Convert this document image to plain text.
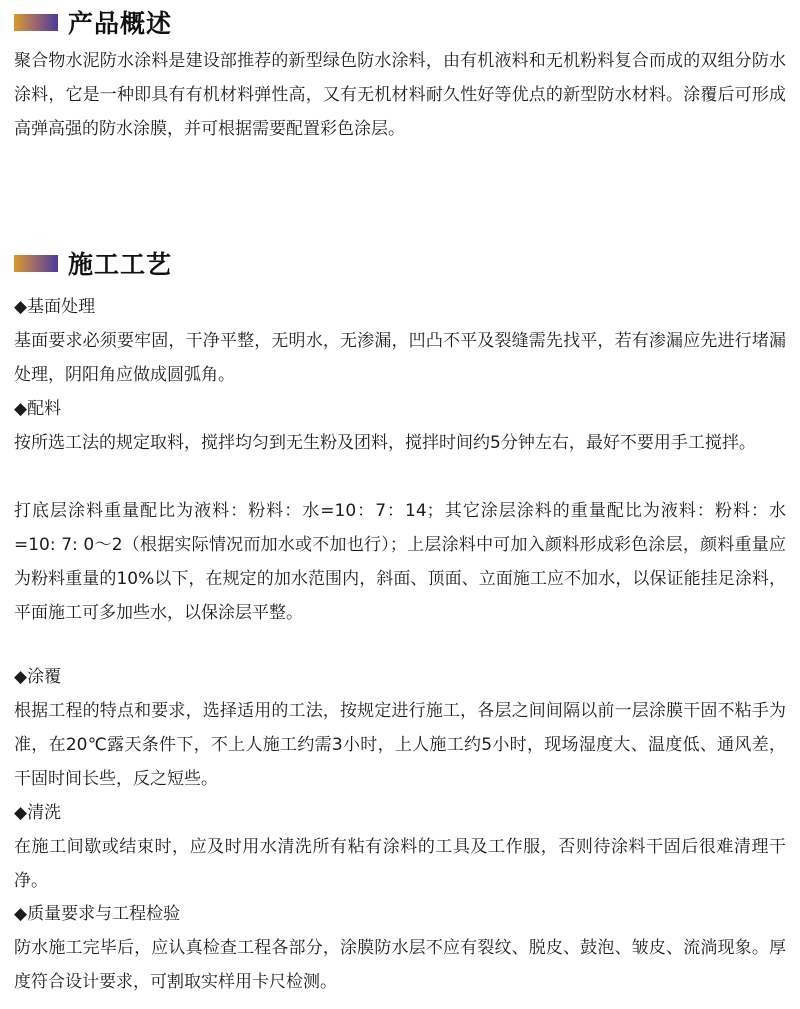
产品概述

聚合物水泥防水涂料是建设部推荐的新型绿色防水涂料，由有机液料和无机粉料复合而成的双组分防水涂料，它是一种即具有有机材料弹性高，又有无机材料耐久性好等优点的新型防水材料。涂覆后可形成高弹高强的防水涂膜，并可根据需要配置彩色涂层。

施工工艺

◆基面处理

基面要求必须要牢固，干净平整，无明水，无渗漏，凹凸不平及裂缝需先找平，若有渗漏应先进行堵漏处理，阴阳角应做成圆弧角。

◆配料

按所选工法的规定取料，搅拌均匀到无生粉及团料，搅拌时间约5分钟左右，最好不要用手工搅拌。

打底层涂料重量配比为液料：粉料：水=10：7：14；其它涂层涂料的重量配比为液料：粉料：水=10: 7: 0～2（根据实际情况而加水或不加也行）；上层涂料中可加入颜料形成彩色涂层，颜料重量应为粉料重量的10%以下，在规定的加水范围内，斜面、顶面、立面施工应不加水，以保证能挂足涂料，平面施工可多加些水，以保涂层平整。

◆涂覆

根据工程的特点和要求，选择适用的工法，按规定进行施工，各层之间间隔以前一层涂膜干固不粘手为准，在20℃露天条件下，不上人施工约需3小时，上人施工约5小时，现场湿度大、温度低、通风差，干固时间长些，反之短些。

◆清洗

在施工间歇或结束时，应及时用水清洗所有粘有涂料的工具及工作服，否则待涂料干固后很难清理干净。

◆质量要求与工程检验

防水施工完毕后，应认真检查工程各部分，涂膜防水层不应有裂纹、脱皮、鼓泡、皱皮、流淌现象。厚度符合设计要求，可割取实样用卡尺检测。
